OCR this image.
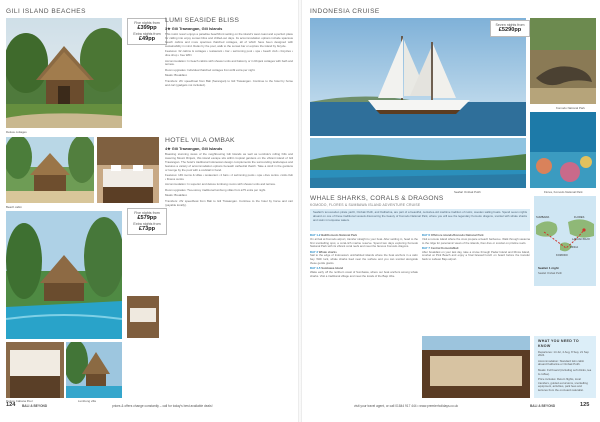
GILI ISLAND BEACHES
Deluxe cottages
Five nights from
£399pp
Extra nights from
£49pp
LUMI SEASIDE BLISS
3★ Gili Trawangan, Gili Islands

This rustic resort enjoys a paradise beachfront setting on the island's west coast and a perfect place for calling into enjoy sunset bliss and chilled-out days. Its accommodation options include spacious beach cabins and more spacious thatched cottages, all of which have been designed with sustainability in mind. Relax by the pool, walk to the sunset bar or explore the island by bicycle.

Features: 32 cabins & cottages • restaurant • bar • swimming pool • spa • beach club • bicycles • dive shop • free WiFi

Accommodation: In beach cabins with shower units and balcony or in Rinjani cottages with bath and terrace.

Room upgrades: Individual thatched cottages from £49 extra per night.

Meals: Breakfast.

Transfers: 2hr speedboat from Bali (Serangan) to Gili Trawangan. Continue to the hotel by horse and cart (gadgets not included).

Beach cabin
Five nights from
£579pp
Extra nights from
£73pp
HOTEL VILA OMBAK
4★ Gili Trawangan, Gili Islands

Boasting stunning views of the neighbouring Gili Islands as well as Lombok's rolling hills and towering Mount Rinjani, this island escape sits within tropical gardens on the vibrant island of Gili Trawangan. The hotel's traditional Indonesian design complements the surrounding landscapes and features a variety of accommodation options beneath cathedral thatch. Take a stroll in the gardens or lounge by the pool with a cocktail in hand.

Features: 149 rooms & villas • restaurant • 2 bars • 2 swimming pools • spa • dive centre • kids club • fitness centre

Accommodation: In superior and deluxe lumbung rooms with shower units and terrace.

Room upgrades: Two-storey traditional lumbung villas from £75 extra per night.

Meals: Breakfast.

Transfers: 2hr speedboat from Bali to Gili Trawangan. Continue to the hotel by horse and cart (payable locally).

Deluxe Cabana Pool	Lumbung villa
124 BALI & BEYOND	prices & offers change constantly – call for today's best available deals!
INDONESIA CRUISE
Seven nights from
£5290pp
Komodo National Park
Flores, Komodo National Park
Seafari Ombak Putih
WHALE SHARKS, CORALS & DRAGONS
KOMODO, FLORES & SUMBAWA ISLAND ADVENTURE CRUISE
Seafari's ten-wooden pirate yacht, Ombak Putih, and Katharina, are part of a beautiful, centuries-old maritime tradition of rustic, wooden sailing boats. Spend seven nights aboard on one of these traditional vessels discovering the beauty of Komodo National Park, where you will see the legendary Komodo dragons, snorkel with whale sharks and swim in turquoise waters.

DAY 1-2 Bali/Komodo National Park
On arrival at Komodo airport, transfer straight to your boat. After settling in, head to the first snorkelling spot, a coral-rich marine reserve. Spend two days exploring Komodo National Park with its vibrant coral reefs and meet the famous Komodo dragons.

DAY 3 Whale sharks
Sail to the edge of Indonesia's uninhabited islands where the boat anchors in a calm bay. With luck, whale sharks feed near the surface and you can snorkel alongside these gentle giants.

DAY 4-5 Sumbawa Island
Wake early off the northern coast of Sumbawa, where our boat anchors among whale sharks. Visit a traditional village and meet the locals of the Bajo tribe.

DAY 6 Offshore islands/Komodo National Park
Visit a remote island where the crew prepare a beach barbecue. Walk through savanna to the ridge for panoramic views of the islands, then dive or snorkel on pristine reefs.

DAY 7 Central Komodo/Bali
After breakfast on your last day, take a cruise through Padar Island and Rinca Island, snorkel at Pink Beach and enjoy a final farewell lunch on board before the transfer back to Labuan Bajo airport.

SUMBAWA	FLORES
KOMODO
RINCA
LABUAN BAJO
Seafari 1 night
Seafari Ombak Putih
WHAT YOU NEED TO KNOW

Departures: 14 Jul, 4 Aug, 8 Sep, 21 Sep 2024.

Accommodation: Standard twin cabin aboard Katharina or Ombak Putih.

Meals: Full board (including soft drinks, tea & coffee).

Price includes: Return flights, local transfers, guided excursions, snorkelling equipment, activities, park fees and lectures from the on-board naturalist.

visit your travel agent, or call 01844 917 444 • www.premierholidays.co.uk	BALI & BEYOND	125
